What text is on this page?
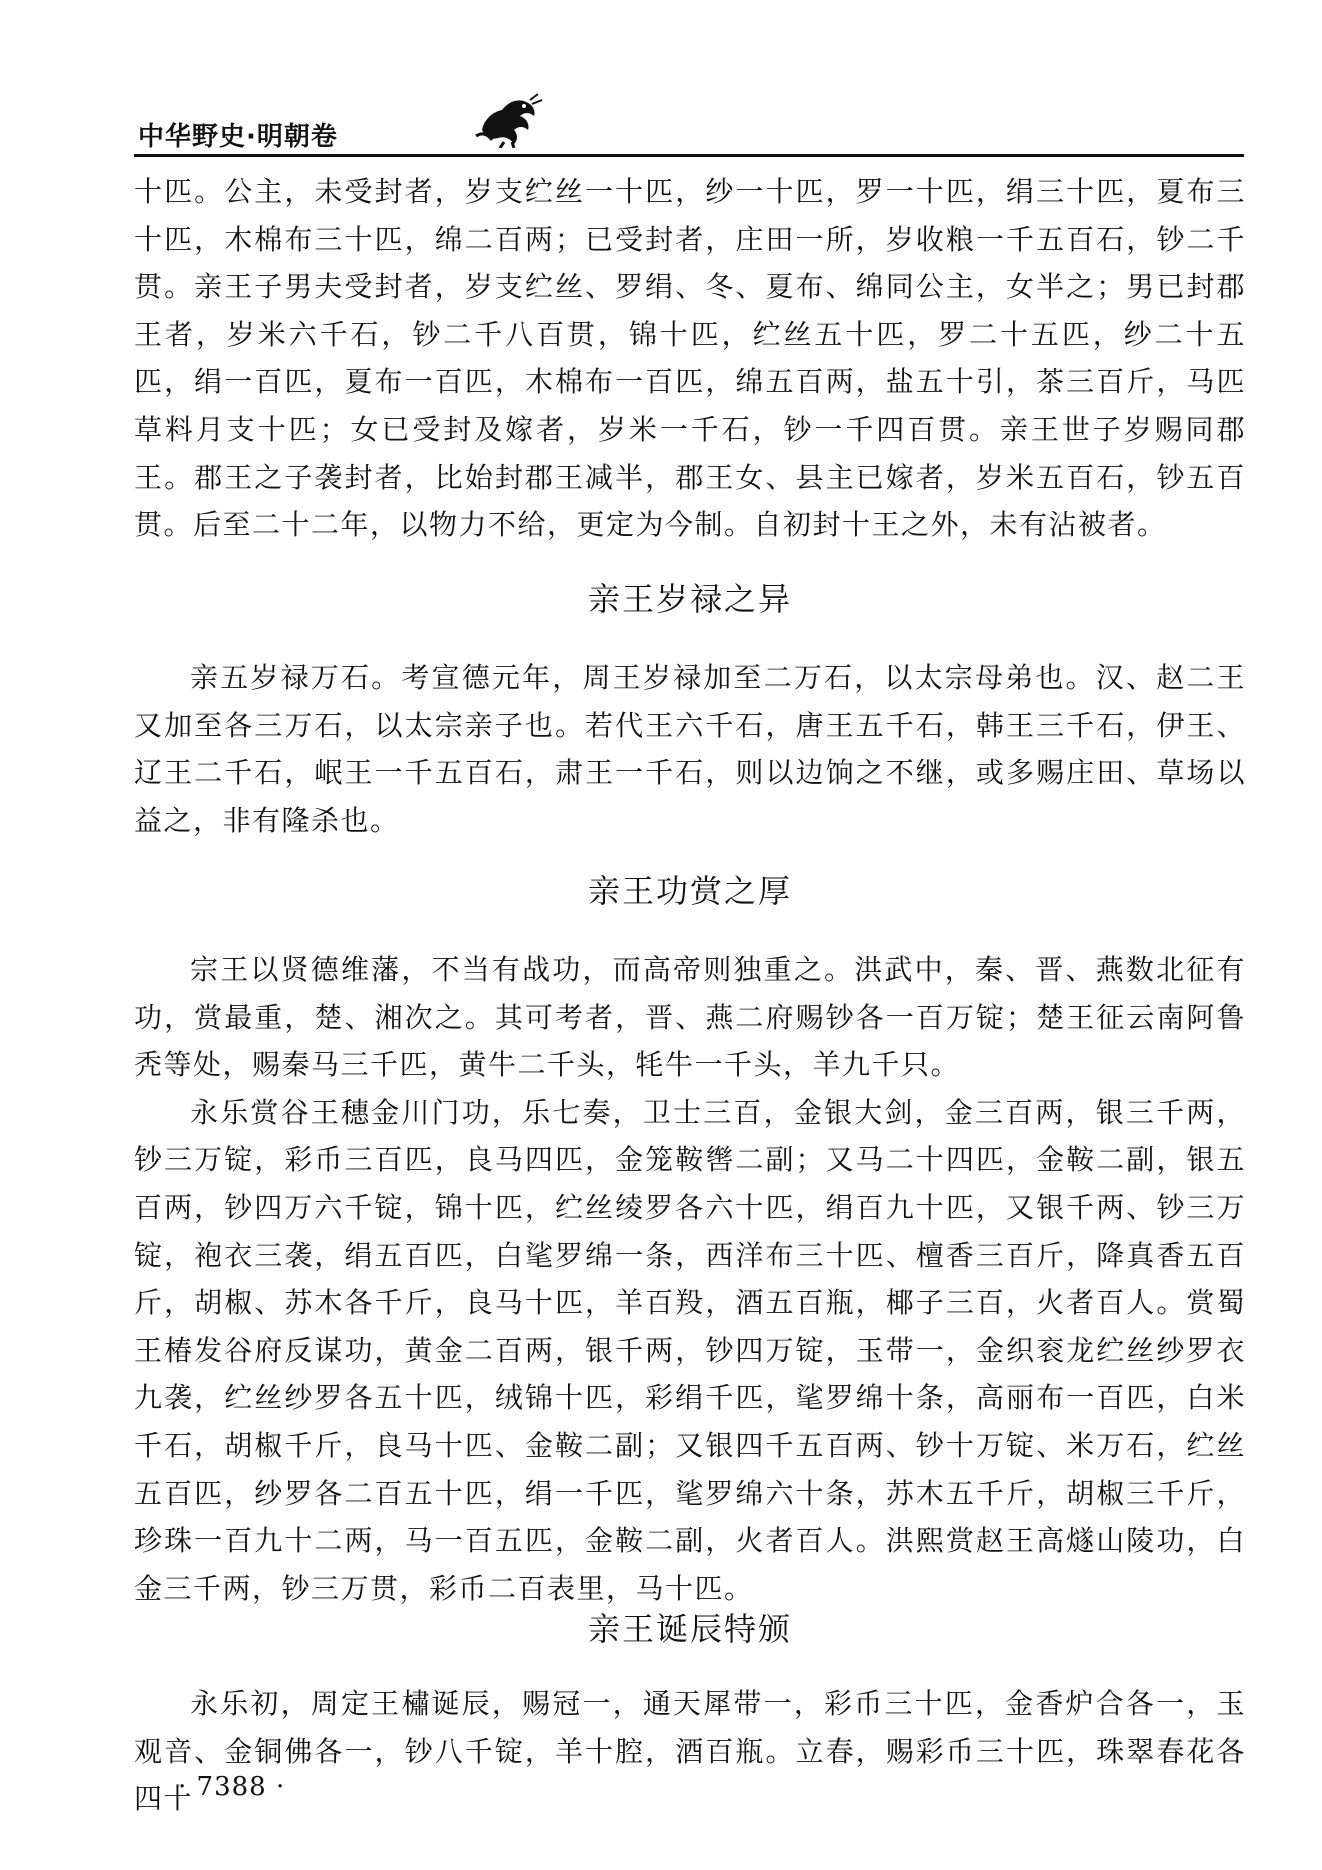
中华野史·明朝卷

十匹。公主，未受封者，岁支纻丝一十匹，纱一十匹，罗一十匹，绢三十匹，夏布三十匹，木棉布三十匹，绵二百两；已受封者，庄田一所，岁收粮一千五百石，钞二千贯。亲王子男夫受封者，岁支纻丝、罗绢、冬、夏布、绵同公主，女半之；男已封郡王者，岁米六千石，钞二千八百贯，锦十匹，纻丝五十匹，罗二十五匹，纱二十五匹，绢一百匹，夏布一百匹，木棉布一百匹，绵五百两，盐五十引，茶三百斤，马匹草料月支十匹；女已受封及嫁者，岁米一千石，钞一千四百贯。亲王世子岁赐同郡王。郡王之子袭封者，比始封郡王减半，郡王女、县主已嫁者，岁米五百石，钞五百贯。后至二十二年，以物力不给，更定为今制。自初封十王之外，未有沾被者。

亲王岁禄之异

亲五岁禄万石。考宣德元年，周王岁禄加至二万石，以太宗母弟也。汉、赵二王又加至各三万石，以太宗亲子也。若代王六千石，唐王五千石，韩王三千石，伊王、辽王二千石，岷王一千五百石，肃王一千石，则以边饷之不继，或多赐庄田、草场以益之，非有隆杀也。

亲王功赏之厚

宗王以贤德维藩，不当有战功，而高帝则独重之。洪武中，秦、晋、燕数北征有功，赏最重，楚、湘次之。其可考者，晋、燕二府赐钞各一百万锭；楚王征云南阿鲁秃等处，赐秦马三千匹，黄牛二千头，牦牛一千头，羊九千只。

永乐赏谷王穗金川门功，乐七奏，卫士三百，金银大剑，金三百两，银三千两，钞三万锭，彩币三百匹，良马四匹，金笼鞍辔二副；又马二十四匹，金鞍二副，银五百两，钞四万六千锭，锦十匹，纻丝绫罗各六十匹，绢百九十匹，又银千两、钞三万锭，袍衣三袭，绢五百匹，白㲚罗绵一条，西洋布三十匹、檀香三百斤，降真香五百斤，胡椒、苏木各千斤，良马十匹，羊百羖，酒五百瓶，椰子三百，火者百人。赏蜀王椿发谷府反谋功，黄金二百两，银千两，钞四万锭，玉带一，金织衮龙纻丝纱罗衣九袭，纻丝纱罗各五十匹，绒锦十匹，彩绢千匹，㲚罗绵十条，高丽布一百匹，白米千石，胡椒千斤，良马十匹、金鞍二副；又银四千五百两、钞十万锭、米万石，纻丝五百匹，纱罗各二百五十匹，绢一千匹，㲚罗绵六十条，苏木五千斤，胡椒三千斤，珍珠一百九十二两，马一百五匹，金鞍二副，火者百人。洪熙赏赵王高燧山陵功，白金三千两，钞三万贯，彩币二百表里，马十匹。

亲王诞辰特颁

永乐初，周定王橚诞辰，赐冠一，通天犀带一，彩币三十匹，金香炉合各一，玉观音、金铜佛各一，钞八千锭，羊十腔，酒百瓶。立春，赐彩币三十匹，珠翠春花各四十

· 7388 ·
